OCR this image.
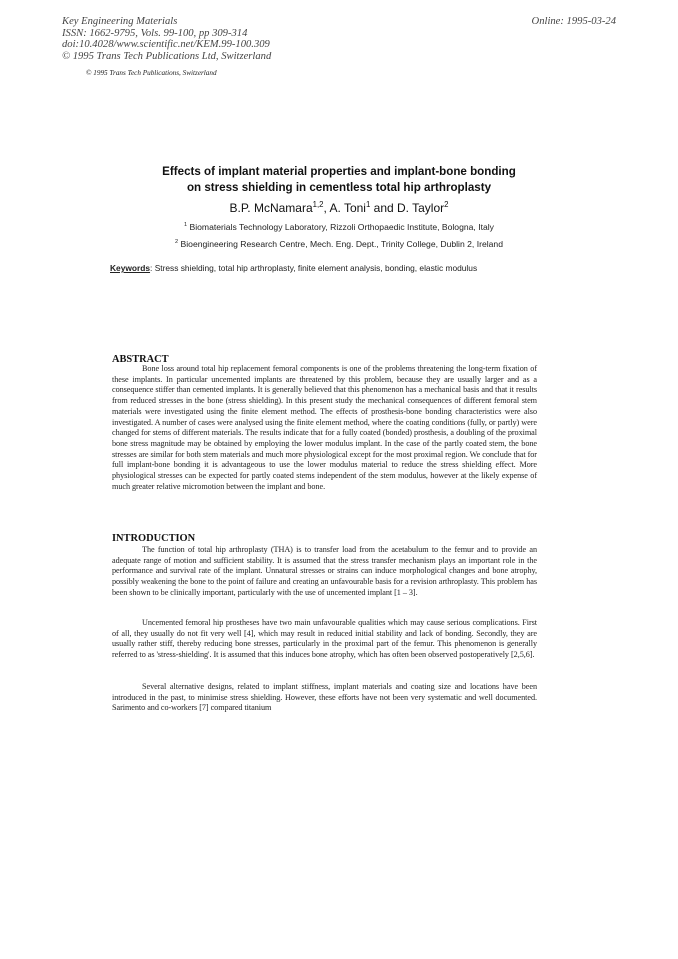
Key Engineering Materials
ISSN: 1662-9795, Vols. 99-100, pp 309-314
doi:10.4028/www.scientific.net/KEM.99-100.309
© 1995 Trans Tech Publications Ltd, Switzerland
Online: 1995-03-24
© 1995 Trans Tech Publications, Switzerland
Effects of implant material properties and implant-bone bonding
on stress shielding in cementless total hip arthroplasty
B.P. McNamara$^{1,2}$, A. Toni$^1$ and D. Taylor$^2$
$^1$ Biomaterials Technology Laboratory, Rizzoli Orthopaedic Institute, Bologna, Italy
$^2$ Bioengineering Research Centre, Mech. Eng. Dept., Trinity College, Dublin 2, Ireland
Keywords: Stress shielding, total hip arthroplasty, finite element analysis, bonding, elastic modulus
ABSTRACT
Bone loss around total hip replacement femoral components is one of the problems threatening the long-term fixation of these implants. In particular uncemented implants are threatened by this problem, because they are usually larger and as a consequence stiffer than cemented implants. It is generally believed that this phenomenon has a mechanical basis and that it results from reduced stresses in the bone (stress shielding). In this present study the mechanical consequences of different femoral stem materials were investigated using the finite element method. The effects of prosthesis-bone bonding characteristics were also investigated. A number of cases were analysed using the finite element method, where the coating conditions (fully, or partly) were changed for stems of different materials. The results indicate that for a fully coated (bonded) prosthesis, a doubling of the proximal bone stress magnitude may be obtained by employing the lower modulus implant. In the case of the partly coated stem, the bone stresses are similar for both stem materials and much more physiological except for the most proximal region. We conclude that for full implant-bone bonding it is advantageous to use the lower modulus material to reduce the stress shielding effect. More physiological stresses can be expected for partly coated stems independent of the stem modulus, however at the likely expense of much greater relative micromotion between the implant and bone.
INTRODUCTION
The function of total hip arthroplasty (THA) is to transfer load from the acetabulum to the femur and to provide an adequate range of motion and sufficient stability. It is assumed that the stress transfer mechanism plays an important role in the performance and survival rate of the implant. Unnatural stresses or strains can induce morphological changes and bone atrophy, possibly weakening the bone to the point of failure and creating an unfavourable basis for a revision arthroplasty. This problem has been shown to be clinically important, particularly with the use of uncemented implant [1 – 3].
Uncemented femoral hip prostheses have two main unfavourable qualities which may cause serious complications. First of all, they usually do not fit very well [4], which may result in reduced initial stability and lack of bonding. Secondly, they are usually rather stiff, thereby reducing bone stresses, particularly in the proximal part of the femur. This phenomenon is generally referred to as 'stress-shielding'. It is assumed that this induces bone atrophy, which has often been observed postoperatively [2,5,6].
Several alternative designs, related to implant stiffness, implant materials and coating size and locations have been introduced in the past, to minimise stress shielding. However, these efforts have not been very systematic and well documented. Sarimento and co-workers [7] compared titanium
